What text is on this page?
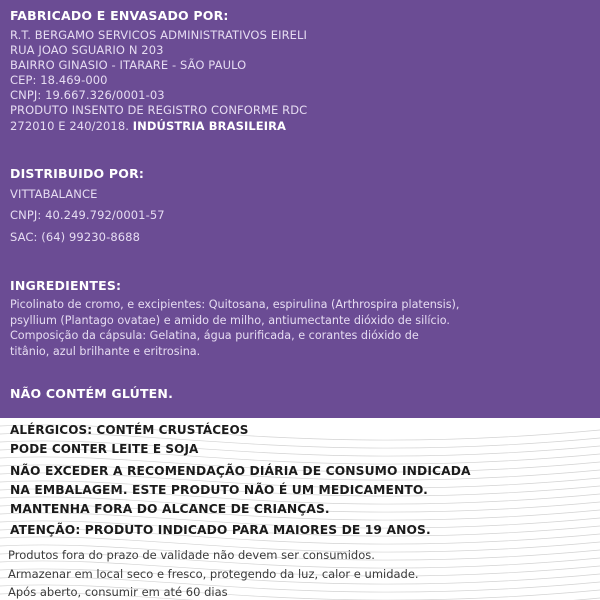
FABRICADO E ENVASADO POR:

R.T. BERGAMO SERVICOS ADMINISTRATIVOS EIRELI

RUA JOAO SGUARIO N 203

BAIRRO GINASIO - ITARARE - SÃO PAULO

CEP: 18.469-000

CNPJ: 19.667.326/0001-03

PRODUTO INSENTO DE REGISTRO CONFORME RDC

272010 E 240/2018. INDÚSTRIA BRASILEIRA

DISTRIBUIDO POR:

VITTABALANCE

CNPJ: 40.249.792/0001-57

SAC: (64) 99230-8688

INGREDIENTES:

Picolinato de cromo, e excipientes: Quitosana, espirulina (Arthrospira platensis), psyllium (Plantago ovatae) e amido de milho, antiumectante dióxido de silício. Composição da cápsula: Gelatina, água purificada, e corantes dióxido de titânio, azul brilhante e eritrosina.

NÃO CONTÉM GLÚTEN.

ALÉRGICOS: CONTÉM CRUSTÁCEOS

PODE CONTER LEITE E SOJA

NÃO EXCEDER A RECOMENDAÇÃO DIÁRIA DE CONSUMO INDICADA

NA EMBALAGEM. ESTE PRODUTO NÃO É UM MEDICAMENTO.

MANTENHA FORA DO ALCANCE DE CRIANÇAS.

ATENÇÃO: PRODUTO INDICADO PARA MAIORES DE 19 ANOS.

Produtos fora do prazo de validade não devem ser consumidos.

Armazenar em local seco e fresco, protegendo da luz, calor e umidade.

Após aberto, consumir em até 60 dias
